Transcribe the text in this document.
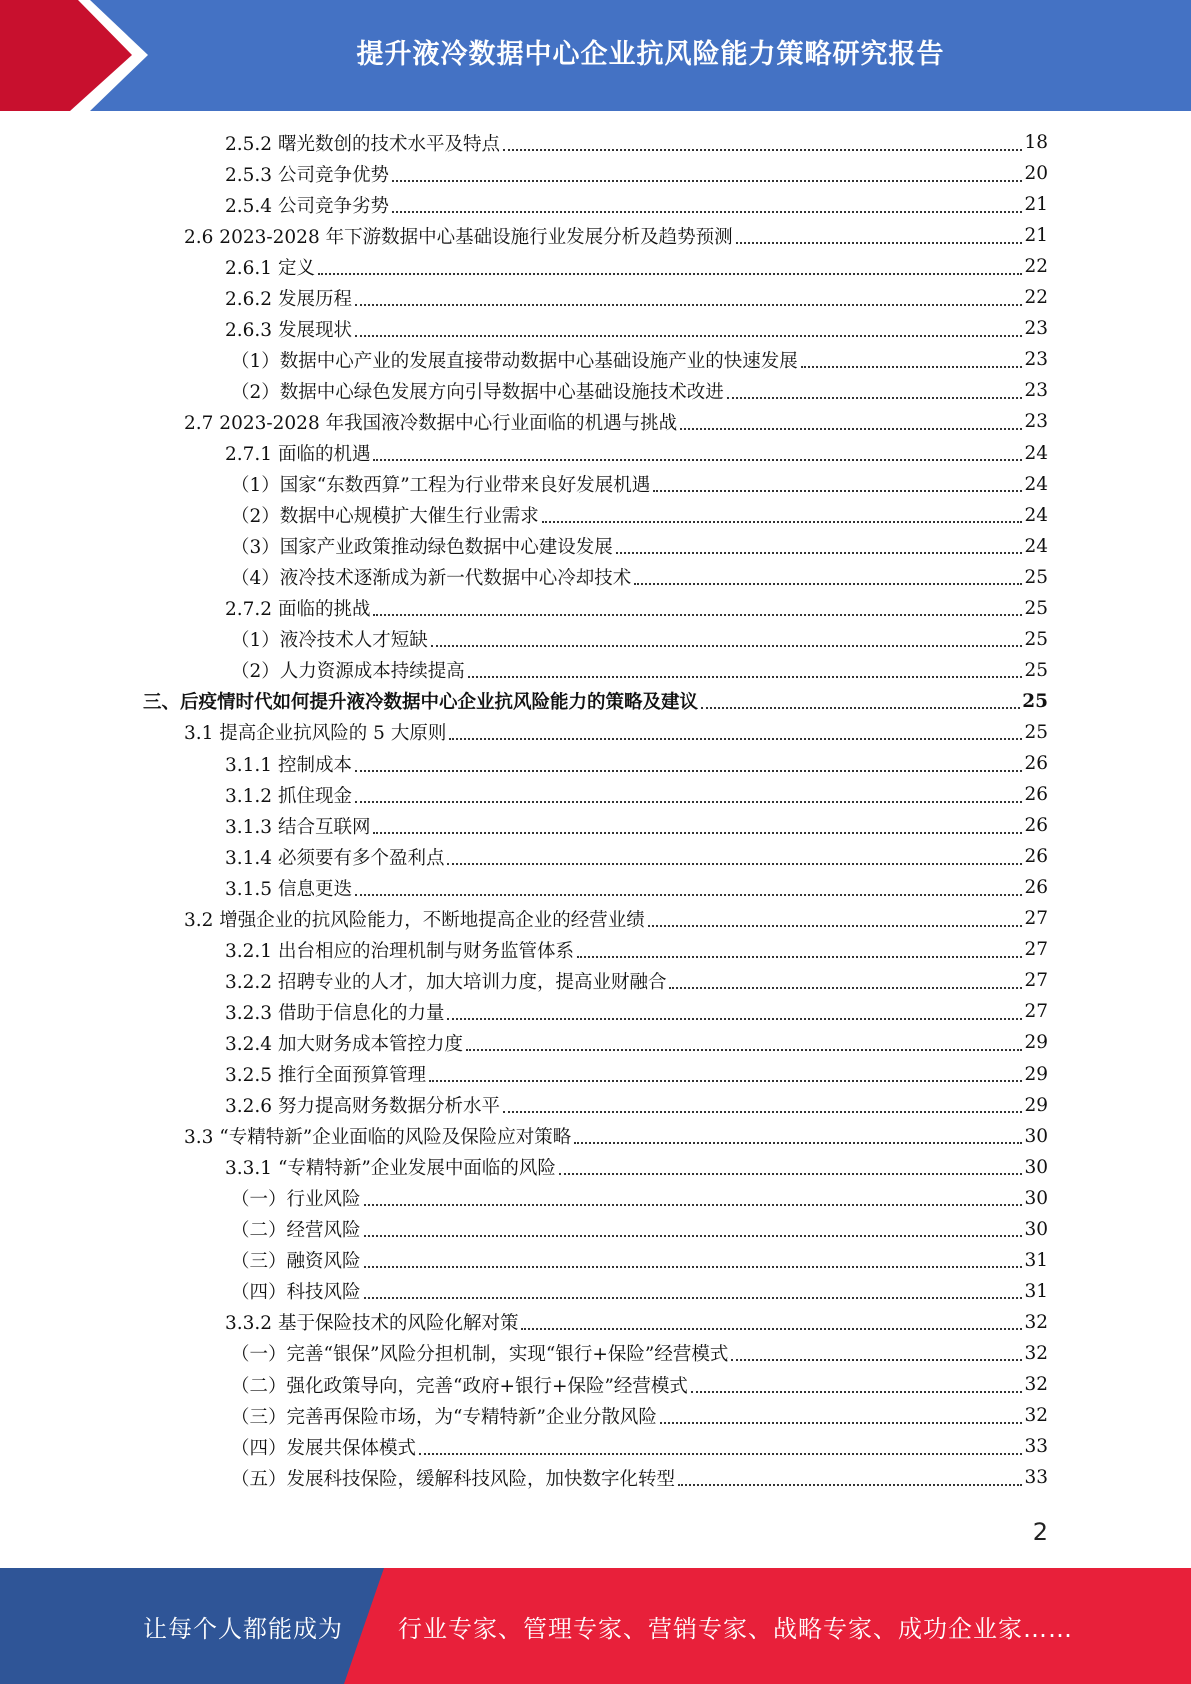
提升液冷数据中心企业抗风险能力策略研究报告
2.5.2 曙光数创的技术水平及特点	18
2.5.3 公司竞争优势	20
2.5.4 公司竞争劣势	21
2.6 2023-2028 年下游数据中心基础设施行业发展分析及趋势预测	21
2.6.1 定义	22
2.6.2 发展历程	22
2.6.3 发展现状	23
（1）数据中心产业的发展直接带动数据中心基础设施产业的快速发展	23
（2）数据中心绿色发展方向引导数据中心基础设施技术改进	23
2.7 2023-2028 年我国液冷数据中心行业面临的机遇与挑战	23
2.7.1 面临的机遇	24
（1）国家“东数西算”工程为行业带来良好发展机遇	24
（2）数据中心规模扩大催生行业需求	24
（3）国家产业政策推动绿色数据中心建设发展	24
（4）液冷技术逐渐成为新一代数据中心冷却技术	25
2.7.2 面临的挑战	25
（1）液冷技术人才短缺	25
（2）人力资源成本持续提高	25
三、后疫情时代如何提升液冷数据中心企业抗风险能力的策略及建议	25
3.1 提高企业抗风险的 5 大原则	25
3.1.1 控制成本	26
3.1.2 抓住现金	26
3.1.3 结合互联网	26
3.1.4 必须要有多个盈利点	26
3.1.5 信息更迭	26
3.2 增强企业的抗风险能力，不断地提高企业的经营业绩	27
3.2.1 出台相应的治理机制与财务监管体系	27
3.2.2 招聘专业的人才，加大培训力度，提高业财融合	27
3.2.3 借助于信息化的力量	27
3.2.4 加大财务成本管控力度	29
3.2.5 推行全面预算管理	29
3.2.6 努力提高财务数据分析水平	29
3.3 “专精特新”企业面临的风险及保险应对策略	30
3.3.1 “专精特新”企业发展中面临的风险	30
（一）行业风险	30
（二）经营风险	30
（三）融资风险	31
（四）科技风险	31
3.3.2 基于保险技术的风险化解对策	32
（一）完善“银保”风险分担机制，实现“银行+保险”经营模式	32
（二）强化政策导向，完善“政府+银行+保险”经营模式	32
（三）完善再保险市场，为“专精特新”企业分散风险	32
（四）发展共保体模式	33
（五）发展科技保险，缓解科技风险，加快数字化转型	33
2
让每个人都能成为 行业专家、管理专家、营销专家、战略专家、成功企业家……
